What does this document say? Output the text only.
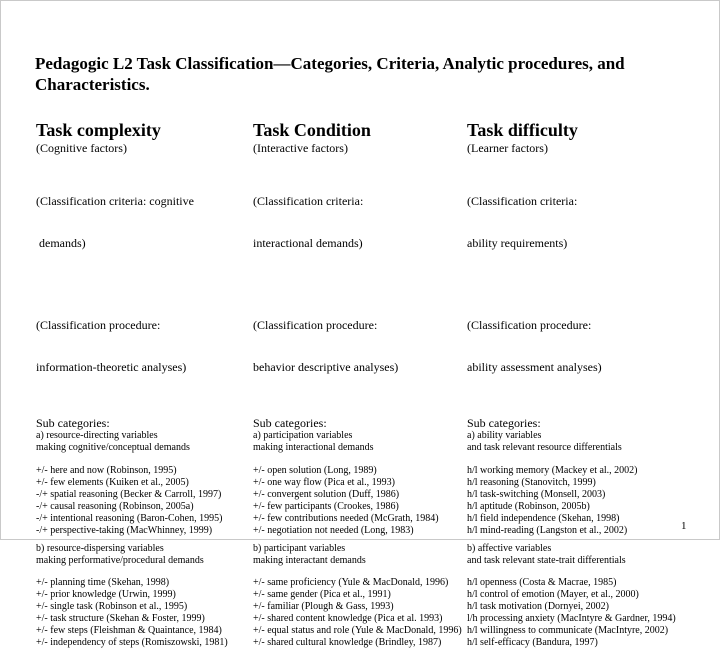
Pedagogic L2 Task Classification—Categories, Criteria, Analytic procedures, and Characteristics.
Task complexity
(Cognitive factors)

(Classification criteria: cognitive

demands)

(Classification procedure:

information-theoretic analyses)

Sub categories:
a) resource-directing variables
making cognitive/conceptual demands
+/- here and now (Robinson, 1995)
+/- few elements (Kuiken et al., 2005)
-/+ spatial reasoning (Becker & Carroll, 1997)
-/+ causal reasoning (Robinson, 2005a)
-/+ intentional reasoning (Baron-Cohen, 1995)
-/+ perspective-taking (MacWhinney, 1999)
b) resource-dispersing variables
making performative/procedural demands
+/- planning time (Skehan, 1998)
+/- prior knowledge (Urwin, 1999)
+/- single task (Robinson et al., 1995)
+/- task structure (Skehan & Foster, 1999)
+/- few steps (Fleishman & Quaintance, 1984)
+/- independency of steps (Romiszowski, 1981)
Task Condition
(Interactive factors)

(Classification criteria:

interactional demands)

(Classification procedure:

behavior descriptive analyses)

Sub categories:
a) participation variables
making interactional demands
+/- open solution (Long, 1989)
+/- one way flow (Pica et al., 1993)
+/- convergent solution (Duff, 1986)
+/- few participants (Crookes, 1986)
+/- few contributions needed (McGrath, 1984)
+/- negotiation not needed (Long, 1983)
b) participant variables
making interactant demands
+/- same proficiency (Yule & MacDonald, 1996)
+/- same gender (Pica et al., 1991)
+/- familiar (Plough & Gass, 1993)
+/- shared content knowledge (Pica et al. 1993)
+/- equal status and role (Yule & MacDonald, 1996)
+/- shared cultural knowledge (Brindley, 1987)
Task difficulty
(Learner factors)

(Classification criteria:

ability requirements)

(Classification procedure:

ability assessment analyses)

Sub categories:
a) ability variables
and task relevant resource differentials
h/l working memory (Mackey et al., 2002)
h/l reasoning (Stanovitch, 1999)
h/l task-switching (Monsell, 2003)
h/l aptitude (Robinson, 2005b)
h/l field independence (Skehan, 1998)
h/l mind-reading (Langston et al., 2002)
b) affective variables
and task relevant state-trait differentials
h/l openness (Costa & Macrae, 1985)
h/l control of emotion (Mayer, et al., 2000)
h/l task motivation (Dornyei, 2002)
l/h processing anxiety (MacIntyre & Gardner, 1994)
h/l willingness to communicate (MacIntyre, 2002)
h/l self-efficacy (Bandura, 1997)
1
